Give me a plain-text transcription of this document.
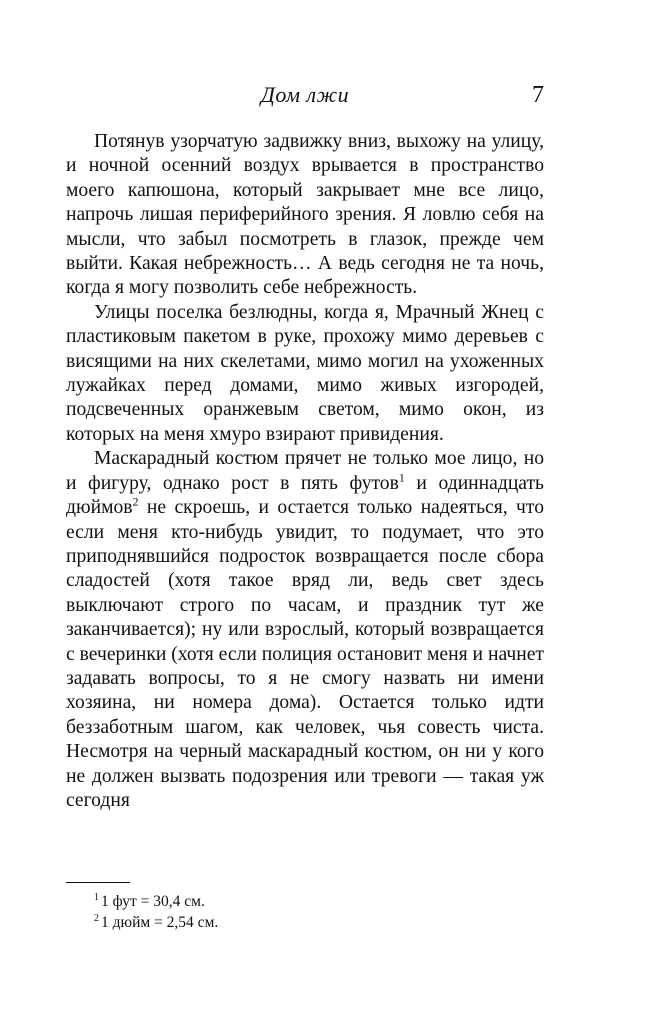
Дом лжи	7

Потянув узорчатую задвижку вниз, выхожу на улицу, и ночной осенний воздух врывается в пространство моего капюшона, который закрывает мне все лицо, напрочь лишая периферийного зрения. Я ловлю себя на мысли, что забыл посмотреть в глазок, прежде чем выйти. Какая небрежность… А ведь сегодня не та ночь, когда я могу позволить себе небрежность.

Улицы поселка безлюдны, когда я, Мрачный Жнец с пластиковым пакетом в руке, прохожу мимо деревьев с висящими на них скелетами, мимо могил на ухоженных лужайках перед домами, мимо живых изгородей, подсвеченных оранжевым светом, мимо окон, из которых на меня хмуро взирают привидения.

Маскарадный костюм прячет не только мое лицо, но и фигуру, однако рост в пять футов$^1$ и одиннадцать дюймов$^2$ не скроешь, и остается только надеяться, что если меня кто-нибудь увидит, то подумает, что это приподнявшийся подросток возвращается после сбора сладостей (хотя такое вряд ли, ведь свет здесь выключают строго по часам, и праздник тут же заканчивается); ну или взрослый, который возвращается с вечеринки (хотя если полиция остановит меня и начнет задавать вопросы, то я не смогу назвать ни имени хозяина, ни номера дома). Остается только идти беззаботным шагом, как человек, чья совесть чиста. Несмотря на черный маскарадный костюм, он ни у кого не должен вызвать подозрения или тревоги — такая уж сегодня

$^1$ 1 фут = 30,4 см.

$^2$ 1 дюйм = 2,54 см.
